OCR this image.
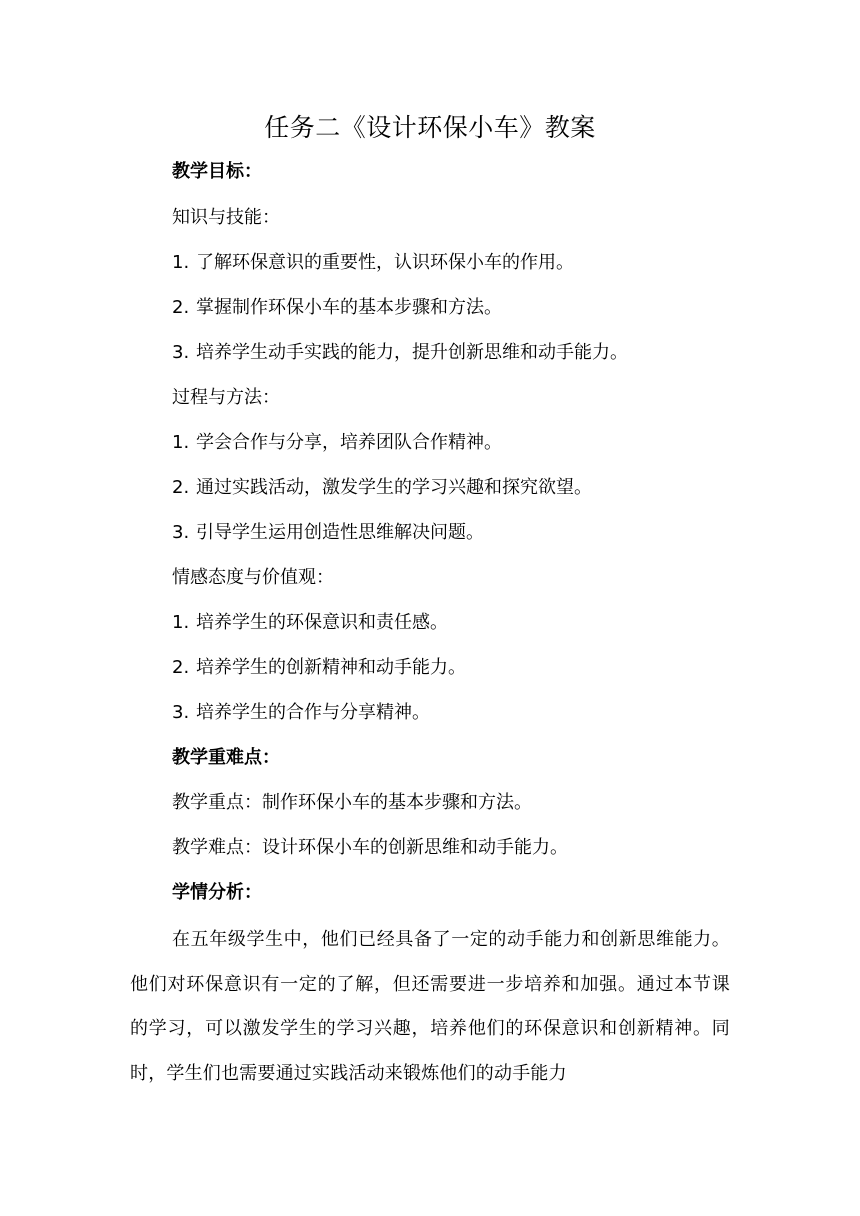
任务二《设计环保小车》教案
教学目标：
知识与技能：
1. 了解环保意识的重要性，认识环保小车的作用。
2. 掌握制作环保小车的基本步骤和方法。
3. 培养学生动手实践的能力，提升创新思维和动手能力。
过程与方法：
1. 学会合作与分享，培养团队合作精神。
2. 通过实践活动，激发学生的学习兴趣和探究欲望。
3. 引导学生运用创造性思维解决问题。
情感态度与价值观：
1. 培养学生的环保意识和责任感。
2. 培养学生的创新精神和动手能力。
3. 培养学生的合作与分享精神。
教学重难点：
教学重点：制作环保小车的基本步骤和方法。
教学难点：设计环保小车的创新思维和动手能力。
学情分析：
在五年级学生中，他们已经具备了一定的动手能力和创新思维能力。他们对环保意识有一定的了解，但还需要进一步培养和加强。通过本节课的学习，可以激发学生的学习兴趣，培养他们的环保意识和创新精神。同时，学生们也需要通过实践活动来锻炼他们的动手能力
